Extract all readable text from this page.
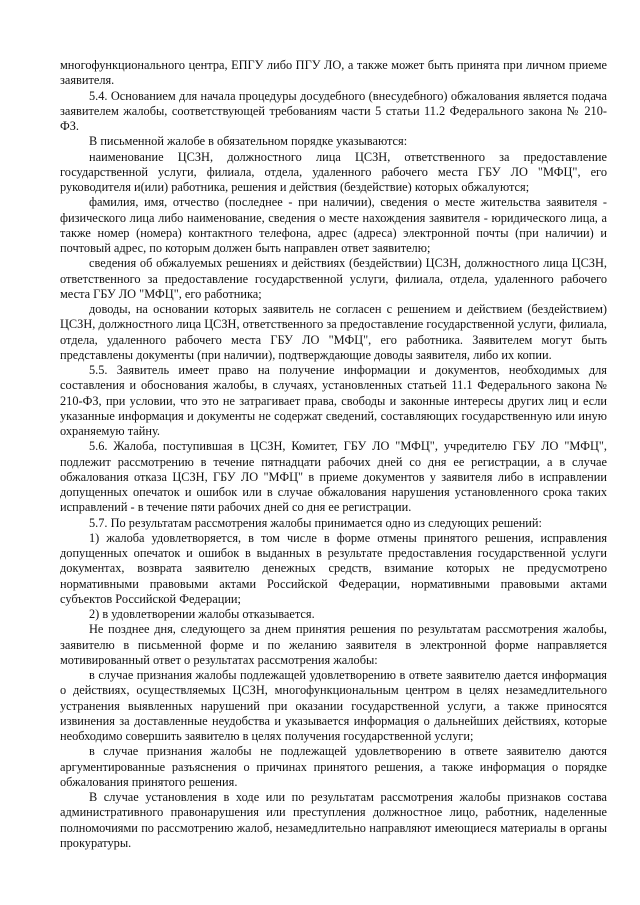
многофункционального центра, ЕПГУ либо ПГУ ЛО, а также может быть принята при личном приеме заявителя.

5.4. Основанием для начала процедуры досудебного (внесудебного) обжалования является подача заявителем жалобы, соответствующей требованиям части 5 статьи 11.2 Федерального закона № 210-ФЗ.

В письменной жалобе в обязательном порядке указываются:

наименование ЦСЗН, должностного лица ЦСЗН, ответственного за предоставление государственной услуги, филиала, отдела, удаленного рабочего места ГБУ ЛО "МФЦ", его руководителя и(или) работника, решения и действия (бездействие) которых обжалуются;

фамилия, имя, отчество (последнее - при наличии), сведения о месте жительства заявителя - физического лица либо наименование, сведения о месте нахождения заявителя - юридического лица, а также номер (номера) контактного телефона, адрес (адреса) электронной почты (при наличии) и почтовый адрес, по которым должен быть направлен ответ заявителю;

сведения об обжалуемых решениях и действиях (бездействии) ЦСЗН, должностного лица ЦСЗН, ответственного за предоставление государственной услуги, филиала, отдела, удаленного рабочего места ГБУ ЛО "МФЦ", его работника;

доводы, на основании которых заявитель не согласен с решением и действием (бездействием) ЦСЗН, должностного лица ЦСЗН, ответственного за предоставление государственной услуги, филиала, отдела, удаленного рабочего места ГБУ ЛО "МФЦ", его работника. Заявителем могут быть представлены документы (при наличии), подтверждающие доводы заявителя, либо их копии.

5.5. Заявитель имеет право на получение информации и документов, необходимых для составления и обоснования жалобы, в случаях, установленных статьей 11.1 Федерального закона № 210-ФЗ, при условии, что это не затрагивает права, свободы и законные интересы других лиц и если указанные информация и документы не содержат сведений, составляющих государственную или иную охраняемую тайну.

5.6. Жалоба, поступившая в ЦСЗН, Комитет, ГБУ ЛО "МФЦ", учредителю ГБУ ЛО "МФЦ", подлежит рассмотрению в течение пятнадцати рабочих дней со дня ее регистрации, а в случае обжалования отказа ЦСЗН, ГБУ ЛО "МФЦ" в приеме документов у заявителя либо в исправлении допущенных опечаток и ошибок или в случае обжалования нарушения установленного срока таких исправлений - в течение пяти рабочих дней со дня ее регистрации.

5.7. По результатам рассмотрения жалобы принимается одно из следующих решений:

1) жалоба удовлетворяется, в том числе в форме отмены принятого решения, исправления допущенных опечаток и ошибок в выданных в результате предоставления государственной услуги документах, возврата заявителю денежных средств, взимание которых не предусмотрено нормативными правовыми актами Российской Федерации, нормативными правовыми актами субъектов Российской Федерации;

2) в удовлетворении жалобы отказывается.

Не позднее дня, следующего за днем принятия решения по результатам рассмотрения жалобы, заявителю в письменной форме и по желанию заявителя в электронной форме направляется мотивированный ответ о результатах рассмотрения жалобы:

в случае признания жалобы подлежащей удовлетворению в ответе заявителю дается информация о действиях, осуществляемых ЦСЗН, многофункциональным центром в целях незамедлительного устранения выявленных нарушений при оказании государственной услуги, а также приносятся извинения за доставленные неудобства и указывается информация о дальнейших действиях, которые необходимо совершить заявителю в целях получения государственной услуги;

в случае признания жалобы не подлежащей удовлетворению в ответе заявителю даются аргументированные разъяснения о причинах принятого решения, а также информация о порядке обжалования принятого решения.

В случае установления в ходе или по результатам рассмотрения жалобы признаков состава административного правонарушения или преступления должностное лицо, работник, наделенные полномочиями по рассмотрению жалоб, незамедлительно направляют имеющиеся материалы в органы прокуратуры.
